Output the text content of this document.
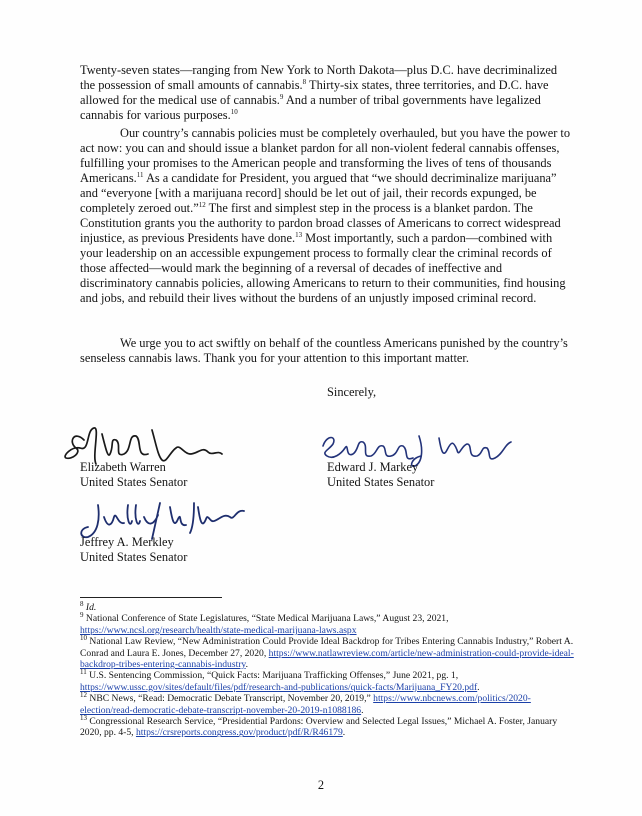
Twenty-seven states—ranging from New York to North Dakota—plus D.C. have decriminalized the possession of small amounts of cannabis.$^8$ Thirty-six states, three territories, and D.C. have allowed for the medical use of cannabis.$^9$ And a number of tribal governments have legalized cannabis for various purposes.$^{10}$

Our country’s cannabis policies must be completely overhauled, but you have the power to act now: you can and should issue a blanket pardon for all non-violent federal cannabis offenses, fulfilling your promises to the American people and transforming the lives of tens of thousands Americans.$^{11}$ As a candidate for President, you argued that “we should decriminalize marijuana” and “everyone [with a marijuana record] should be let out of jail, their records expunged, be completely zeroed out.”$^{12}$ The first and simplest step in the process is a blanket pardon. The Constitution grants you the authority to pardon broad classes of Americans to correct widespread injustice, as previous Presidents have done.$^{13}$ Most importantly, such a pardon—combined with your leadership on an accessible expungement process to formally clear the criminal records of those affected—would mark the beginning of a reversal of decades of ineffective and discriminatory cannabis policies, allowing Americans to return to their communities, find housing and jobs, and rebuild their lives without the burdens of an unjustly imposed criminal record.

We urge you to act swiftly on behalf of the countless Americans punished by the country’s senseless cannabis laws. Thank you for your attention to this important matter.

Sincerely,
Elizabeth Warren
United States Senator
Edward J. Markey
United States Senator
Jeffrey A. Merkley
United States Senator

$^8$ Id.

$^9$ National Conference of State Legislatures, “State Medical Marijuana Laws,” August 23, 2021, https://www.ncsl.org/research/health/state-medical-marijuana-laws.aspx

$^{10}$ National Law Review, “New Administration Could Provide Ideal Backdrop for Tribes Entering Cannabis Industry,” Robert A. Conrad and Laura E. Jones, December 27, 2020, https://www.natlawreview.com/article/new-administration-could-provide-ideal-backdrop-tribes-entering-cannabis-industry.

$^{11}$ U.S. Sentencing Commission, “Quick Facts: Marijuana Trafficking Offenses,” June 2021, pg. 1, https://www.ussc.gov/sites/default/files/pdf/research-and-publications/quick-facts/Marijuana_FY20.pdf.

$^{12}$ NBC News, “Read: Democratic Debate Transcript, November 20, 2019,” https://www.nbcnews.com/politics/2020-election/read-democratic-debate-transcript-november-20-2019-n1088186.

$^{13}$ Congressional Research Service, “Presidential Pardons: Overview and Selected Legal Issues,” Michael A. Foster, January 2020, pp. 4-5, https://crsreports.congress.gov/product/pdf/R/R46179.

2
